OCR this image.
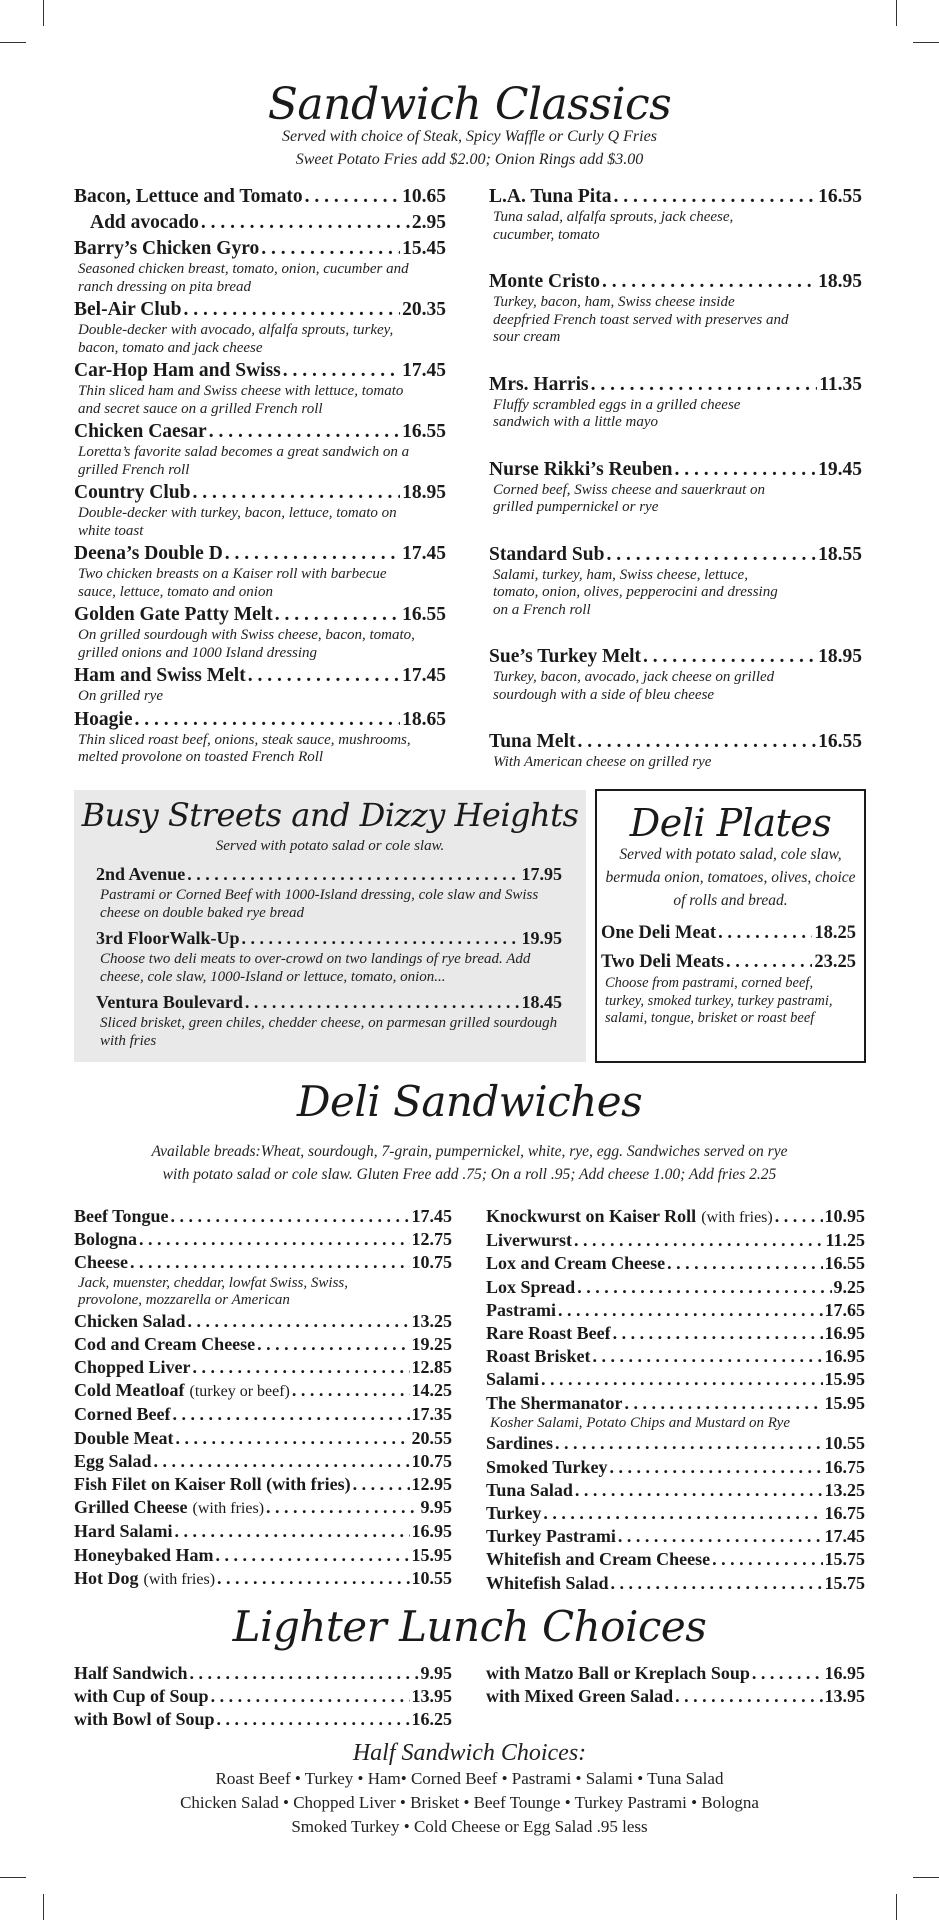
Sandwich Classics
Served with choice of Steak, Spicy Waffle or Curly Q Fries
Sweet Potato Fries add $2.00; Onion Rings add $3.00
Bacon, Lettuce and Tomato . . .	10.65
Add avocado . . .	2.95
Barry’s Chicken Gyro . . .	15.45
Seasoned chicken breast, tomato, onion, cucumber and ranch dressing on pita bread
Bel-Air Club . . .	20.35
Double-decker with avocado, alfalfa sprouts, turkey, bacon, tomato and jack cheese
Car-Hop Ham and Swiss . . .	17.45
Thin sliced ham and Swiss cheese with lettuce, tomato and secret sauce on a grilled French roll
Chicken Caesar . . .	16.55
Loretta’s favorite salad becomes a great sandwich on a grilled French roll
Country Club . . .	18.95
Double-decker with turkey, bacon, lettuce, tomato on white toast
Deena’s Double D . . .	17.45
Two chicken breasts on a Kaiser roll with barbecue sauce, lettuce, tomato and onion
Golden Gate Patty Melt . . .	16.55
On grilled sourdough with Swiss cheese, bacon, tomato, grilled onions and 1000 Island dressing
Ham and Swiss Melt . . .	17.45
On grilled rye
Hoagie . . .	18.65
Thin sliced roast beef, onions, steak sauce, mushrooms, melted provolone on toasted French Roll
L.A. Tuna Pita . . .	16.55
Tuna salad, alfalfa sprouts, jack cheese, cucumber, tomato
Monte Cristo . . .	18.95
Turkey, bacon, ham, Swiss cheese inside deepfried French toast served with preserves and sour cream
Mrs. Harris . . .	11.35
Fluffy scrambled eggs in a grilled cheese sandwich with a little mayo
Nurse Rikki’s Reuben . . .	19.45
Corned beef, Swiss cheese and sauerkraut on grilled pumpernickel or rye
Standard Sub . . .	18.55
Salami, turkey, ham, Swiss cheese, lettuce, tomato, onion, olives, pepperocini and dressing on a French roll
Sue’s Turkey Melt . . .	18.95
Turkey, bacon, avocado, jack cheese on grilled sourdough with a side of bleu cheese
Tuna Melt . . .	16.55
With American cheese on grilled rye
Busy Streets and Dizzy Heights
Served with potato salad or cole slaw.
2nd Avenue . . .	17.95
Pastrami or Corned Beef with 1000-Island dressing, cole slaw and Swiss cheese on double baked rye bread
3rd FloorWalk-Up . . .	19.95
Choose two deli meats to over-crowd on two landings of rye bread. Add cheese, cole slaw, 1000-Island or lettuce, tomato, onion...
Ventura Boulevard . . .	18.45
Sliced brisket, green chiles, chedder cheese, on parmesan grilled sourdough with fries
Deli Plates
Served with potato salad, cole slaw, bermuda onion, tomatoes, olives, choice of rolls and bread.
One Deli Meat . . .	18.25
Two Deli Meats . . .	23.25
Choose from pastrami, corned beef, turkey, smoked turkey, turkey pastrami, salami, tongue, brisket or roast beef
Deli Sandwiches
Available breads:Wheat, sourdough, 7-grain, pumpernickel, white, rye, egg. Sandwiches served on rye
with potato salad or cole slaw. Gluten Free add .75; On a roll .95; Add cheese 1.00; Add fries 2.25
Beef Tongue . . .	17.45
Bologna . . .	12.75
Cheese . . .	10.75
Jack, muenster, cheddar, lowfat Swiss, Swiss, provolone, mozzarella or American
Chicken Salad . . .	13.25
Cod and Cream Cheese . . .	19.25
Chopped Liver . . .	12.85
Cold Meatloaf (turkey or beef) . . .	14.25
Corned Beef . . .	17.35
Double Meat . . .	20.55
Egg Salad . . .	10.75
Fish Filet on Kaiser Roll (with fries) . . .	12.95
Grilled Cheese (with fries) . . .	9.95
Hard Salami . . .	16.95
Honeybaked Ham . . .	15.95
Hot Dog (with fries) . . .	10.55
Knockwurst on Kaiser Roll (with fries) . . .	10.95
Liverwurst . . .	11.25
Lox and Cream Cheese . . .	16.55
Lox Spread . . .	9.25
Pastrami . . .	17.65
Rare Roast Beef . . .	16.95
Roast Brisket . . .	16.95
Salami . . .	15.95
The Shermanator . . .	15.95
Kosher Salami, Potato Chips and Mustard on Rye
Sardines . . .	10.55
Smoked Turkey . . .	16.75
Tuna Salad . . .	13.25
Turkey . . .	16.75
Turkey Pastrami . . .	17.45
Whitefish and Cream Cheese . . .	15.75
Whitefish Salad . . .	15.75
Lighter Lunch Choices
Half Sandwich . . .	9.95
with Cup of Soup . . .	13.95
with Bowl of Soup . . .	16.25
with Matzo Ball or Kreplach Soup . . .	16.95
with Mixed Green Salad . . .	13.95
Half Sandwich Choices:
Roast Beef • Turkey • Ham• Corned Beef • Pastrami • Salami • Tuna Salad
Chicken Salad • Chopped Liver • Brisket • Beef Tounge • Turkey Pastrami • Bologna
Smoked Turkey • Cold Cheese or Egg Salad .95 less
